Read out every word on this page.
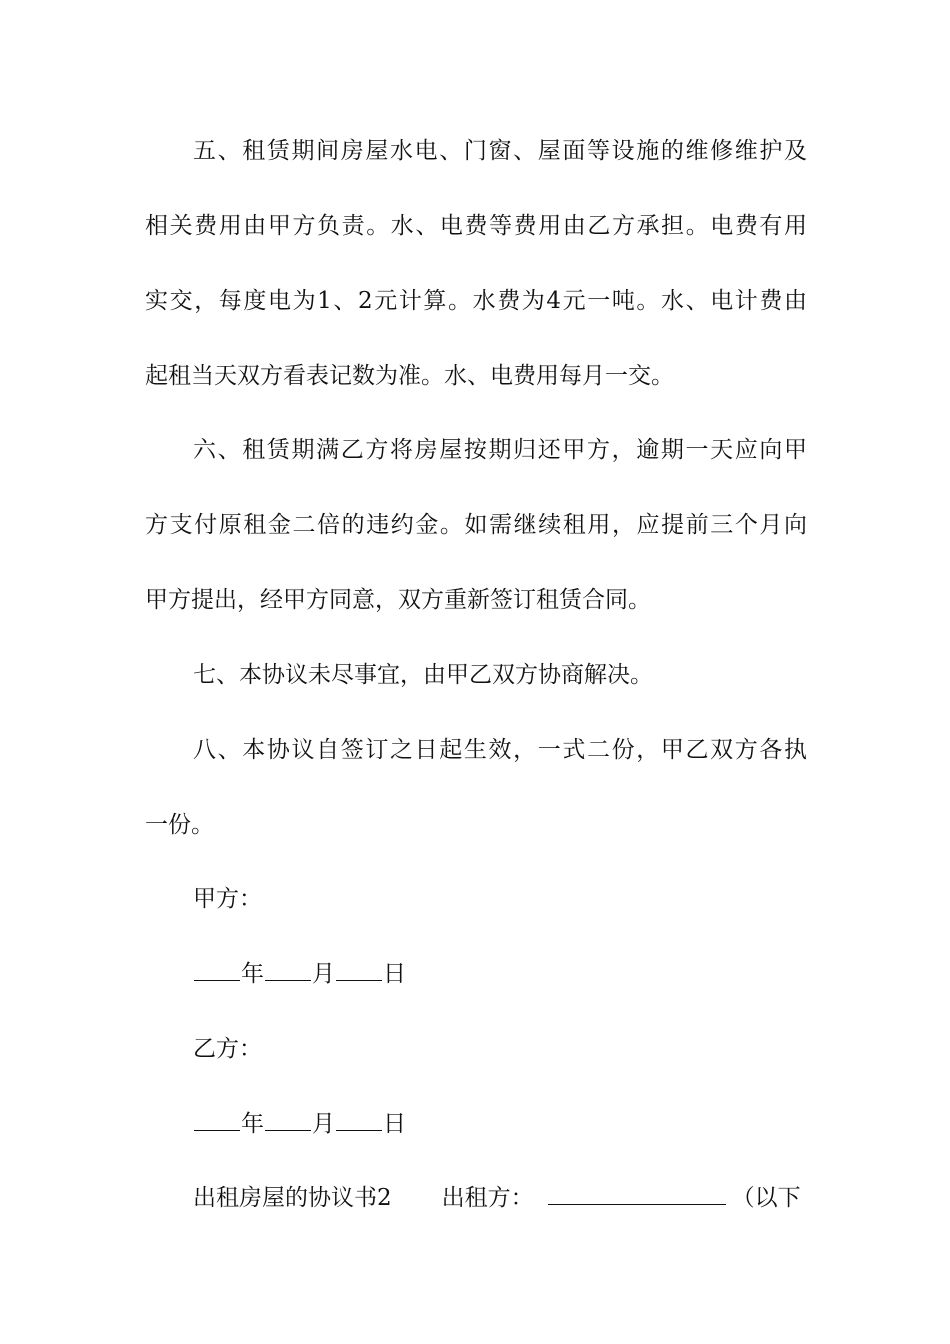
五、租赁期间房屋水电、门窗、屋面等设施的维修维护及
相关费用由甲方负责。水、电费等费用由乙方承担。电费有用
实交，每度电为1、2元计算。水费为4元一吨。水、电计费由
起租当天双方看表记数为准。水、电费用每月一交。
六、租赁期满乙方将房屋按期归还甲方，逾期一天应向甲
方支付原租金二倍的违约金。如需继续租用，应提前三个月向
甲方提出，经甲方同意，双方重新签订租赁合同。
七、本协议未尽事宜，由甲乙双方协商解决。
八、本协议自签订之日起生效，一式二份，甲乙双方各执
一份。
甲方：
年 月 日
乙方：
年 月 日
出租房屋的协议书2 出租方：	（以下
